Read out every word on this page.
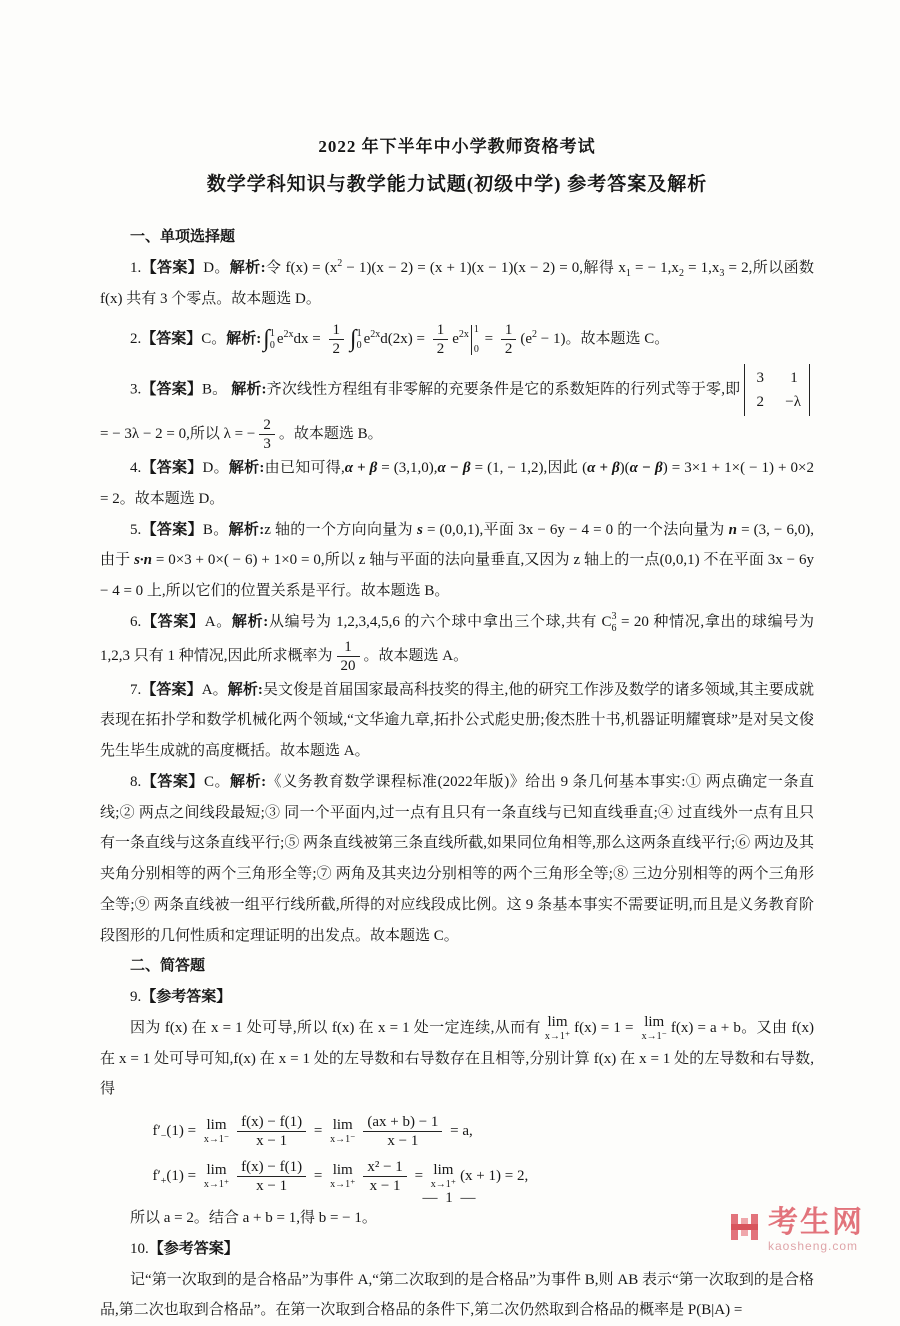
2022 年下半年中小学教师资格考试
数学学科知识与教学能力试题(初级中学) 参考答案及解析
一、单项选择题
1.【答案】D。解析:令 $f(x) = (x^2 - 1)(x - 2) = (x + 1)(x - 1)(x - 2) = 0$,解得 $x_1$ = − $1,x_2 = 1,x_3 = 2$,所以函数 f(x) 共有 3 个零点。故本题选 D。
2.【答案】C。解析:∫ 1
0 $e^{2x}dx = \frac{1}{2}$ ∫ 1
0 $e^{2x}d(2x) = \frac{1}{2} e^{2x}$ 1
0
= $\frac{1}{2} (e^2 - 1)$。故本题选 C。
3.【答案】B。 解析:齐次线性方程组有非零解的充要条件是它的系数矩阵的行列式等于零,即
3 1
2 −λ
= − 3λ − 2 = 0,所以 λ = − $\frac{2}{3}$ 。故本题选 B。
4.【答案】D。解析:由已知可得,α + β = (3,1,0),α − β = (1, − 1,2),因此 (α + β)(α − β) = 3×1 + 1×( − 1) + 0×2 = 2。故本题选 D。
5.【答案】B。解析:z 轴的一个方向向量为 s = (0,0,1),平面 3x − 6y − 4 = 0 的一个法向量为 n = (3, − 6,0),由于 s·n = 0×3 + 0×( − 6) + 1×0 = 0,所以 z 轴与平面的法向量垂直,又因为 z 轴上的一点(0,0,1) 不在平面 3x − 6y − 4 = 0 上,所以它们的位置关系是平行。故本题选 B。
6.【答案】A。解析:从编号为 1,2,3,4,5,6 的六个球中拿出三个球,共有 C 3
6 = 20 种情况,拿出的球编号为 1,2,3 只有 1 种情况,因此所求概率为 $\frac{1}{20}$ 。故本题选 A。
7.【答案】A。解析:吴文俊是首届国家最高科技奖的得主,他的研究工作涉及数学的诸多领域,其主要成就表现在拓扑学和数学机械化两个领域,“文华逾九章,拓扑公式彪史册;俊杰胜十书,机器证明耀寰球”是对吴文俊先生毕生成就的高度概括。故本题选 A。
8.【答案】C。解析:《义务教育数学课程标准(2022年版)》给出 9 条几何基本事实:① 两点确定一条直线;② 两点之间线段最短;③ 同一个平面内,过一点有且只有一条直线与已知直线垂直;④ 过直线外一点有且只有一条直线与这条直线平行;⑤ 两条直线被第三条直线所截,如果同位角相等,那么这两条直线平行;⑥ 两边及其夹角分别相等的两个三角形全等;⑦ 两角及其夹边分别相等的两个三角形全等;⑧ 三边分别相等的两个三角形全等;⑨ 两条直线被一组平行线所截,所得的对应线段成比例。这 9 条基本事实不需要证明,而且是义务教育阶段图形的几何性质和定理证明的出发点。故本题选 C。
二、简答题
9.【参考答案】
因为 f(x) 在 x = 1 处可导,所以 f(x) 在 x = 1 处一定连续,从而有 lim
x→1⁺
f(x) = 1 = lim
x→1⁻
f(x) = a + b。又由 f(x) 在 x = 1 处可导可知,f(x) 在 x = 1 处的左导数和右导数存在且相等,分别计算 f(x) 在 x = 1 处的左导数和右导数,得
$f'_-(1) = \lim$
$x\to 1^- \frac{f(x) - f(1)}{x - 1} = \lim$
$x\to 1^- \frac{(ax + b) - 1}{x - 1} = a$,
$f'_+(1) = \lim$
$x\to 1^+ \frac{f(x) - f(1)}{x - 1} = \lim$
$x\to 1^+ \frac{\text{x² − 1}}{x - 1} = \lim$
x→1⁺
(x + 1) = 2,
所以 a = 2。结合 a + b = 1,得 b = − 1。
10.【参考答案】
记“第一次取到的是合格品”为事件 A,“第二次取到的是合格品”为事件 B,则 AB 表示“第一次取到的是合格品,第二次也取到合格品”。在第一次取到合格品的条件下,第二次仍然取到合格品的概率是 P(B|A) =
— 1 —
考生网
kaosheng.com
